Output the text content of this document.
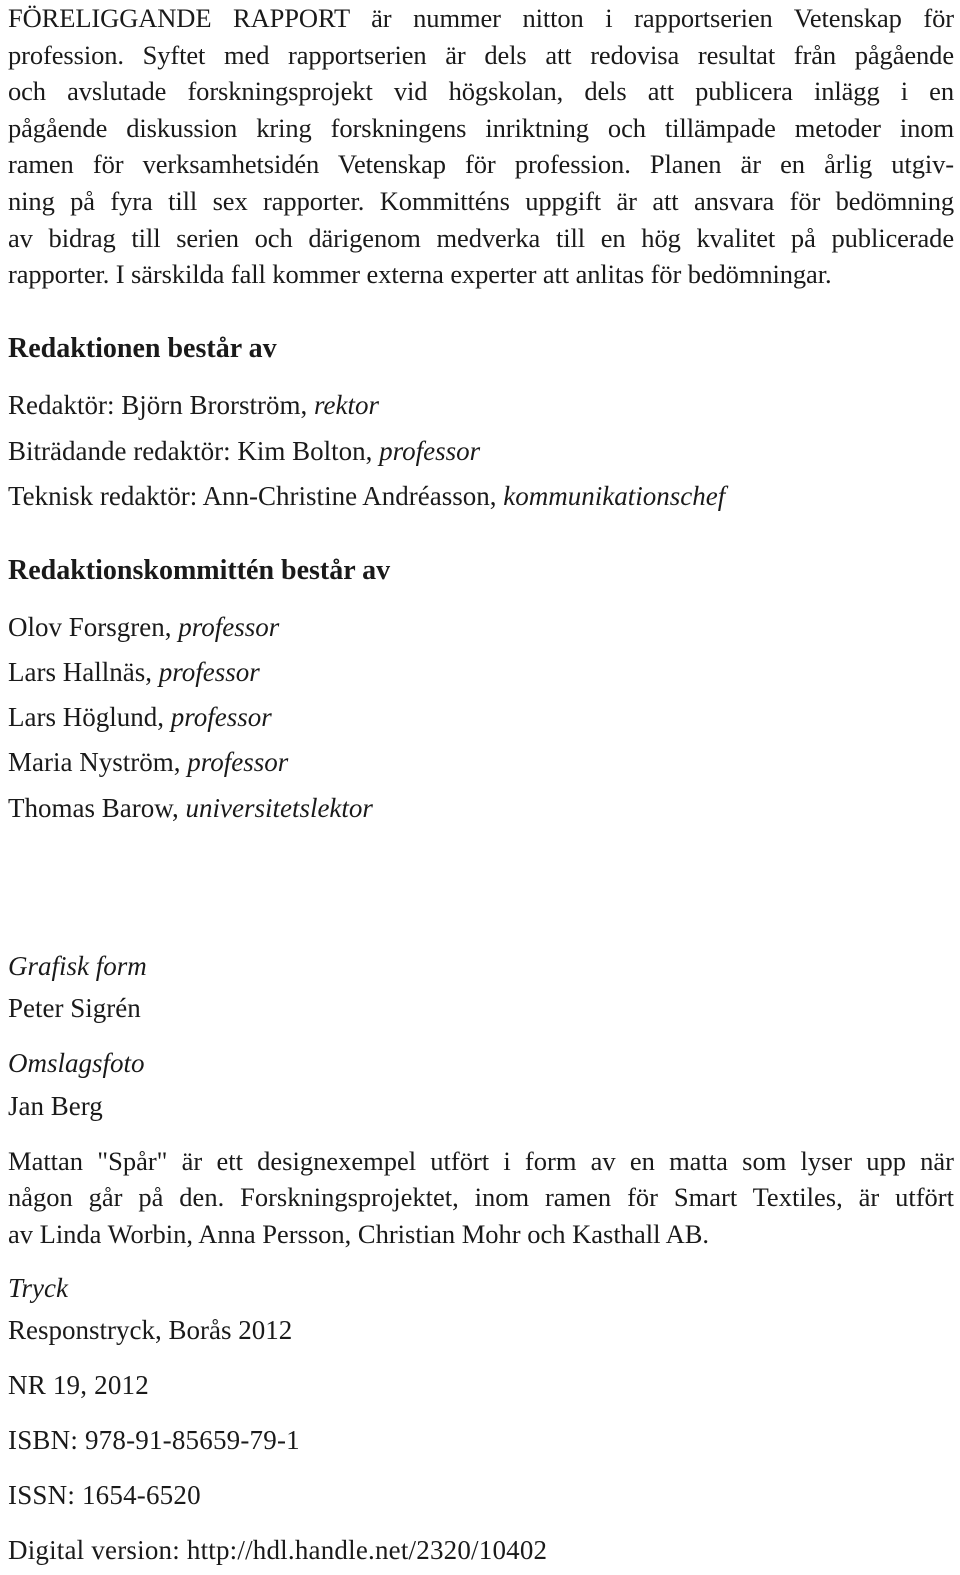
FÖRELIGGANDE RAPPORT är nummer nitton i rapportserien Vetenskap för
profession. Syftet med rapportserien är dels att redovisa resultat från pågående
och avslutade forskningsprojekt vid högskolan, dels att publicera inlägg i en
pågående diskussion kring forskningens inriktning och tillämpade metoder inom
ramen för verksamhetsidén Vetenskap för profession. Planen är en årlig utgiv-
ning på fyra till sex rapporter. Kommitténs uppgift är att ansvara för bedömning
av bidrag till serien och därigenom medverka till en hög kvalitet på publicerade
rapporter. I särskilda fall kommer externa experter att anlitas för bedömningar.
Redaktionen består av
Redaktör: Björn Brorström, rektor
Biträdande redaktör: Kim Bolton, professor
Teknisk redaktör: Ann-Christine Andréasson, kommunikationschef
Redaktionskommittén består av
Olov Forsgren, professor
Lars Hallnäs, professor
Lars Höglund, professor
Maria Nyström, professor
Thomas Barow, universitetslektor
Grafisk form
Peter Sigrén
Omslagsfoto
Jan Berg
Mattan "Spår" är ett designexempel utfört i form av en matta som lyser upp när
någon går på den. Forskningsprojektet, inom ramen för Smart Textiles, är utfört
av Linda Worbin, Anna Persson, Christian Mohr och Kasthall AB.
Tryck
Responstryck, Borås 2012
NR 19, 2012
ISBN: 978-91-85659-79-1
ISSN: 1654-6520
Digital version: http://hdl.handle.net/2320/10402
